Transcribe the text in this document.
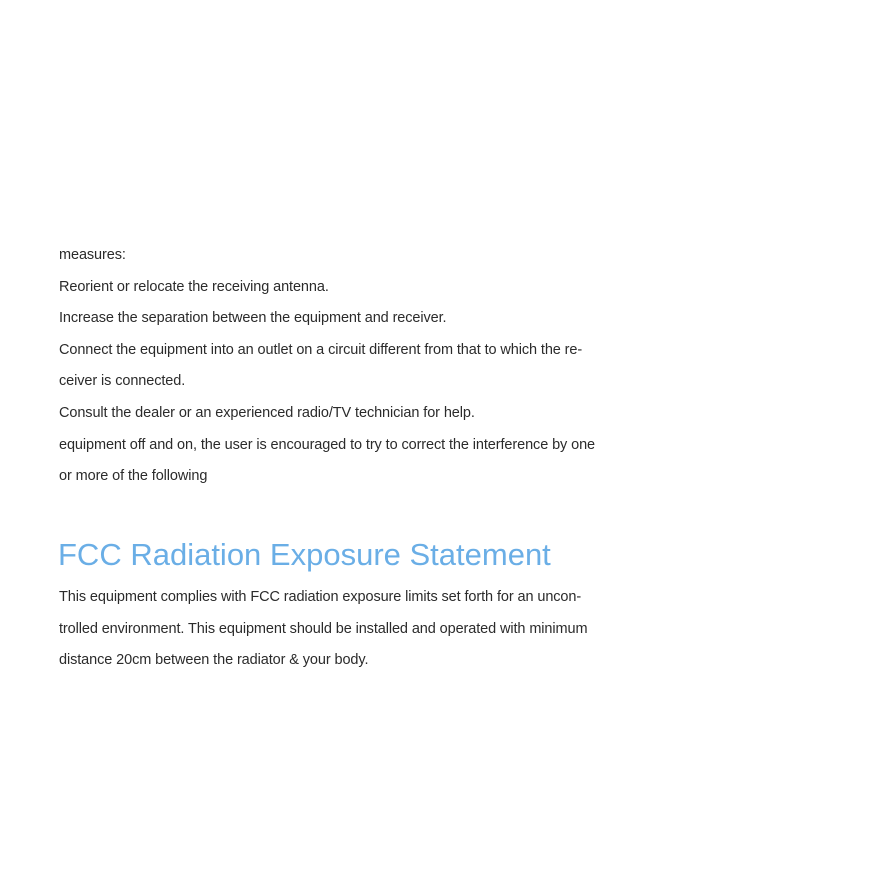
measures:
Reorient or relocate the receiving antenna.
Increase the separation between the equipment and receiver.
Connect the equipment into an outlet on a circuit different from that to which the re-
ceiver is connected.
Consult the dealer or an experienced radio/TV technician for help.
equipment off and on, the user is encouraged to try to correct the interference by one
or more of the following
FCC Radiation Exposure Statement
This equipment complies with FCC radiation exposure limits set forth for an uncon-
trolled environment. This equipment should be installed and operated with minimum
distance 20cm between the radiator & your body.
